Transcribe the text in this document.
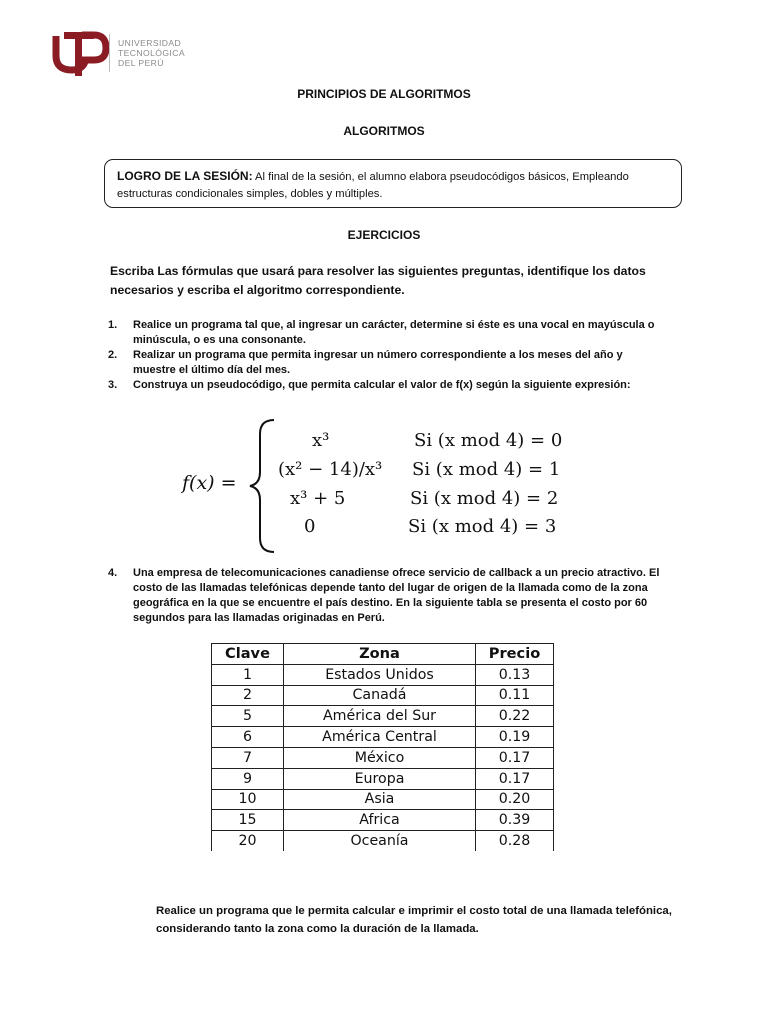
UNIVERSIDAD
TECNOLÓGICA
DEL PERÚ
PRINCIPIOS DE ALGORITMOS
ALGORITMOS
LOGRO DE LA SESIÓN: Al final de la sesión, el alumno elabora pseudocódigos básicos, Empleando estructuras condicionales simples, dobles y múltiples.
EJERCICIOS
Escriba Las fórmulas que usará para resolver las siguientes preguntas, identifique los datos necesarios y escriba el algoritmo correspondiente.
1. Realice un programa tal que, al ingresar un carácter, determine si éste es una vocal en mayúscula o minúscula, o es una consonante.
2. Realizar un programa que permita ingresar un número correspondiente a los meses del año y muestre el último día del mes.
3. Construya un pseudocódigo, que permita calcular el valor de f(x) según la siguiente expresión:
f(x) =
x³
(x² − 14)/x³
x³ + 5
0
Si (x mod 4) = 0
Si (x mod 4) = 1
Si (x mod 4) = 2
Si (x mod 4) = 3
4. Una empresa de telecomunicaciones canadiense ofrece servicio de callback a un precio atractivo. El costo de las llamadas telefónicas depende tanto del lugar de origen de la llamada como de la zona geográfica en la que se encuentre el país destino. En la siguiente tabla se presenta el costo por 60 segundos para las llamadas originadas en Perú.
Clave	Zona	Precio
1	Estados Unidos	0.13
2	Canadá	0.11
5	América del Sur	0.22
6	América Central	0.19
7	México	0.17
9	Europa	0.17
10	Asia	0.20
15	Africa	0.39
20	Oceanía	0.28
Realice un programa que le permita calcular e imprimir el costo total de una llamada telefónica, considerando tanto la zona como la duración de la llamada.
